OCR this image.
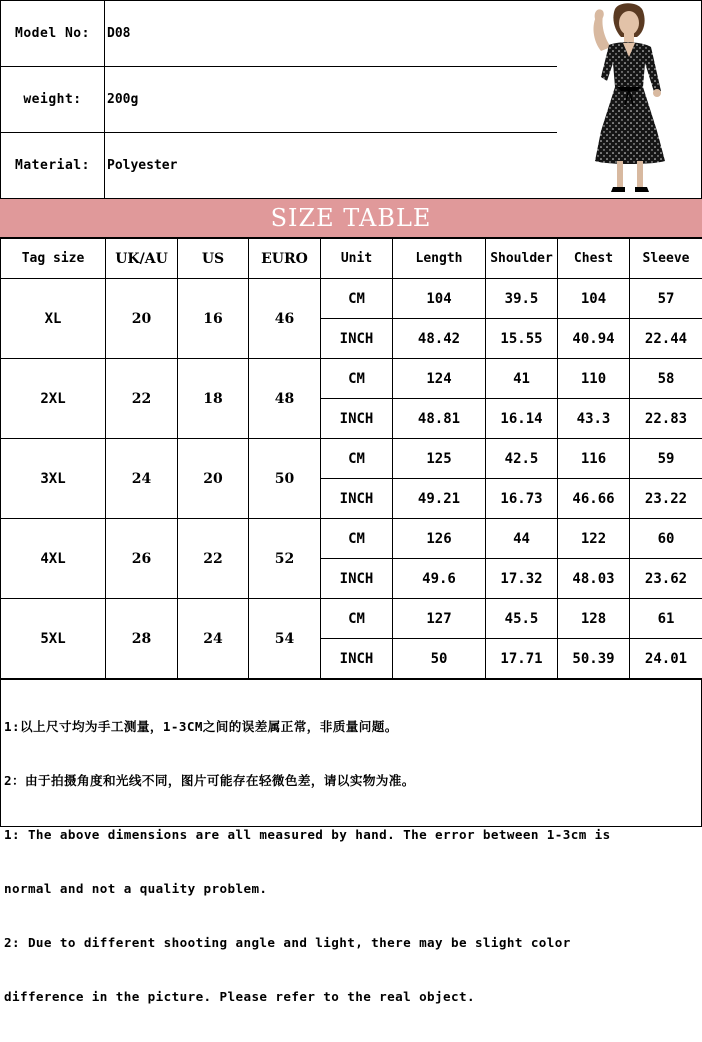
Model No:	D08
weight:	200g
Material:	Polyester
SIZE TABLE
Tag size	UK/AU	US	EURO	Unit	Length	Shoulder	Chest	Sleeve
XL	20	16	46	CM	104	39.5	104	57
				INCH	48.42	15.55	40.94	22.44
2XL	22	18	48	CM	124	41	110	58
				INCH	48.81	16.14	43.3	22.83
3XL	24	20	50	CM	125	42.5	116	59
				INCH	49.21	16.73	46.66	23.22
4XL	26	22	52	CM	126	44	122	60
				INCH	49.6	17.32	48.03	23.62
5XL	28	24	54	CM	127	45.5	128	61
				INCH	50	17.71	50.39	24.01

1:以上尺寸均为手工测量，1-3CM之间的误差属正常，非质量问题。

2：由于拍摄角度和光线不同，图片可能存在轻微色差，请以实物为准。

1: The above dimensions are all measured by hand. The error between 1-3cm is

normal and not a quality problem.

2: Due to different shooting angle and light, there may be slight color

difference in the picture. Please refer to the real object.
